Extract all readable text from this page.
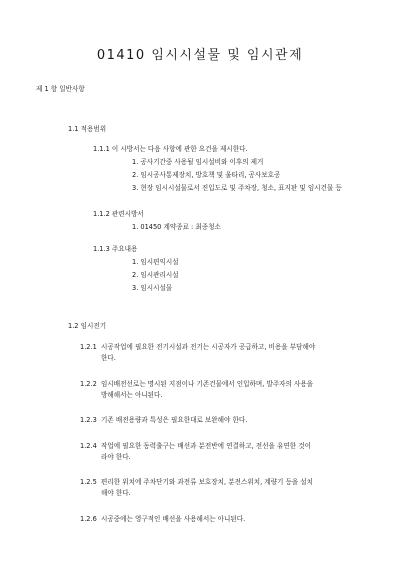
01410 임시시설물 및 임시관제
제 1 항 일반사항
1.1 적용범위
1.1.1 이 시방서는 다음 사항에 관한 요건을 제시한다.
1. 공사기간중 사용될 임시설비와 이후의 제거
2. 임시공사통제장치, 방호책 및 울타리, 공사보호공
3. 현장 임시시설물로서 진입도로 및 주차장, 청소, 표지판 및 임시건물 등
1.1.2 관련시방서
1. 01450 계약종료 : 최종청소
1.1.3 주요내용
1. 임시편익시설
2. 임시관리시설
3. 임시시설물
1.2 임시전기
1.2.1 시공작업에 필요한 전기시설과 전기는 시공자가 공급하고, 비용을 부담해야
한다.
1.2.2 임시배전선로는 명시된 지점이나 기존건물에서 인입하며, 발주자의 사용을
방해해서는 아니된다.
1.2.3 기존 배전용량과 특성은 필요한대로 보완해야 한다.
1.2.4 작업에 필요한 동력출구는 배선과 분전반에 연결하고, 전선을 유연한 것이
라야 한다.
1.2.5 편리한 위치에 주차단기와 과전류 보호장치, 분전스위치, 계량기 등을 설치
해야 한다.
1.2.6 시공중에는 영구적인 배선을 사용해서는 아니된다.
